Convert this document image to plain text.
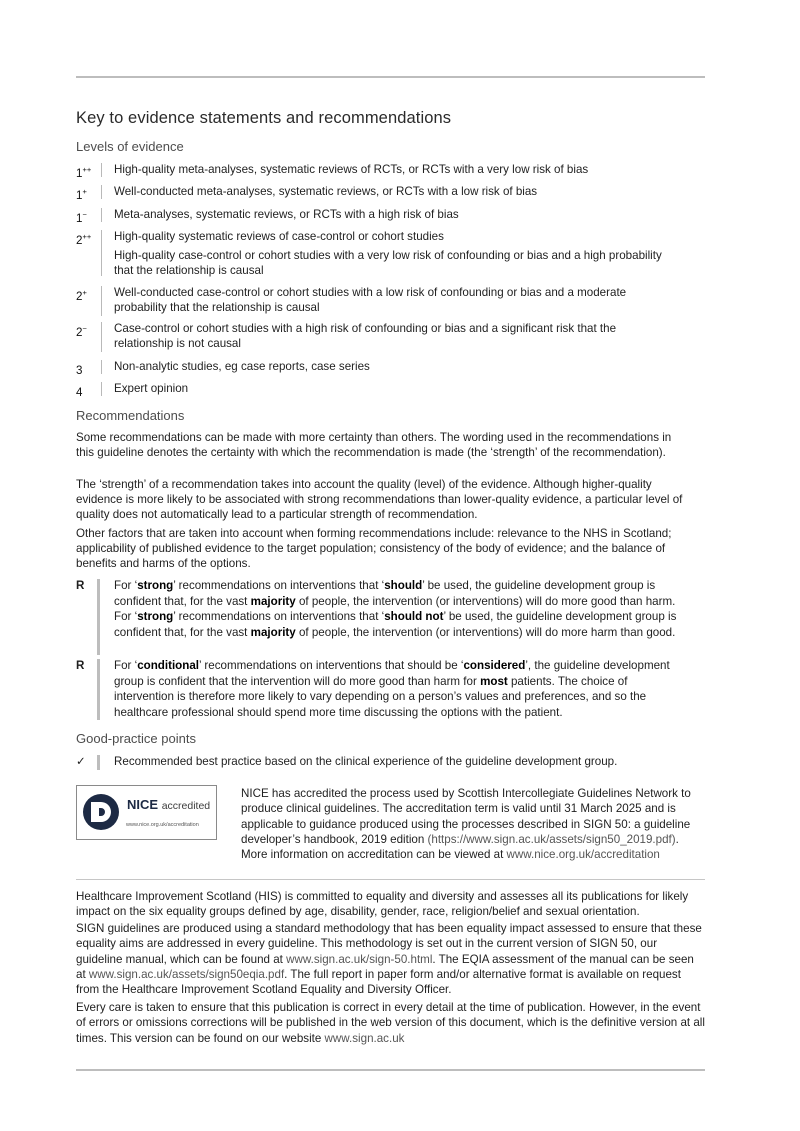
Key to evidence statements and recommendations

Levels of evidence

1++	High-quality meta-analyses, systematic reviews of RCTs, or RCTs with a very low risk of bias
1+	Well-conducted meta-analyses, systematic reviews, or RCTs with a low risk of bias
1−	Meta-analyses, systematic reviews, or RCTs with a high risk of bias
2++	High-quality systematic reviews of case-control or cohort studies
High-quality case-control or cohort studies with a very low risk of confounding or bias and a high probability that the relationship is causal
2+	Well-conducted case-control or cohort studies with a low risk of confounding or bias and a moderate probability that the relationship is causal
2−	Case-control or cohort studies with a high risk of confounding or bias and a significant risk that the relationship is not causal
3	Non-analytic studies, eg case reports, case series
4	Expert opinion

Recommendations

Some recommendations can be made with more certainty than others. The wording used in the recommendations in this guideline denotes the certainty with which the recommendation is made (the ‘strength’ of the recommendation).

The ‘strength’ of a recommendation takes into account the quality (level) of the evidence. Although higher-quality evidence is more likely to be associated with strong recommendations than lower-quality evidence, a particular level of quality does not automatically lead to a particular strength of recommendation.

Other factors that are taken into account when forming recommendations include: relevance to the NHS in Scotland; applicability of published evidence to the target population; consistency of the body of evidence; and the balance of benefits and harms of the options.

R	For ‘strong’ recommendations on interventions that ‘should’ be used, the guideline development group is confident that, for the vast majority of people, the intervention (or interventions) will do more good than harm. For ‘strong’ recommendations on interventions that ‘should not’ be used, the guideline development group is confident that, for the vast majority of people, the intervention (or interventions) will do more harm than good.
R	For ‘conditional’ recommendations on interventions that should be ‘considered’, the guideline development group is confident that the intervention will do more good than harm for most patients. The choice of intervention is therefore more likely to vary depending on a person’s values and preferences, and so the healthcare professional should spend more time discussing the options with the patient.

Good-practice points

✓ Recommended best practice based on the clinical experience of the guideline development group.
NICE accredited
www.nice.org.uk/accreditation

NICE has accredited the process used by Scottish Intercollegiate Guidelines Network to produce clinical guidelines. The accreditation term is valid until 31 March 2025 and is applicable to guidance produced using the processes described in SIGN 50: a guideline developer’s handbook, 2019 edition (https://www.sign.ac.uk/assets/sign50_2019.pdf). More information on accreditation can be viewed at www.nice.org.uk/accreditation

Healthcare Improvement Scotland (HIS) is committed to equality and diversity and assesses all its publications for likely impact on the six equality groups defined by age, disability, gender, race, religion/belief and sexual orientation.

SIGN guidelines are produced using a standard methodology that has been equality impact assessed to ensure that these equality aims are addressed in every guideline. This methodology is set out in the current version of SIGN 50, our guideline manual, which can be found at www.sign.ac.uk/sign-50.html. The EQIA assessment of the manual can be seen at www.sign.ac.uk/assets/sign50eqia.pdf. The full report in paper form and/or alternative format is available on request from the Healthcare Improvement Scotland Equality and Diversity Officer.

Every care is taken to ensure that this publication is correct in every detail at the time of publication. However, in the event of errors or omissions corrections will be published in the web version of this document, which is the definitive version at all times. This version can be found on our website www.sign.ac.uk
